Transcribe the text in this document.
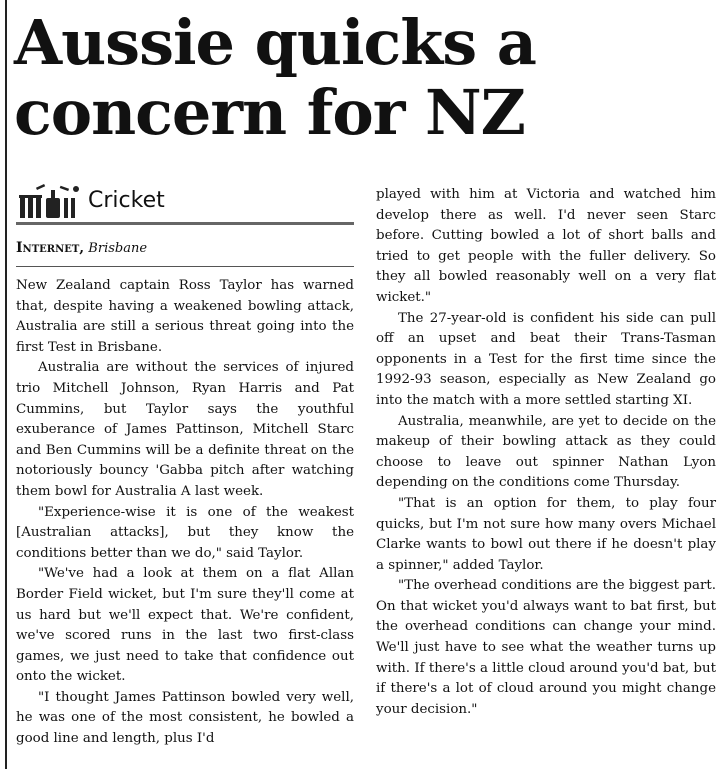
Aussie quicks a concern for NZ
Cricket
Internet, Brisbane

New Zealand captain Ross Taylor has warned that, despite having a weakened bowling attack, Australia are still a serious threat going into the first Test in Brisbane.

Australia are without the services of injured trio Mitchell Johnson, Ryan Harris and Pat Cummins, but Taylor says the youthful exuberance of James Pattinson, Mitchell Starc and Ben Cummins will be a definite threat on the notoriously bouncy 'Gabba pitch after watching them bowl for Australia A last week.

"Experience-wise it is one of the weakest [Australian attacks], but they know the conditions better than we do," said Taylor.

"We've had a look at them on a flat Allan Border Field wicket, but I'm sure they'll come at us hard but we'll expect that. We're confident, we've scored runs in the last two first-class games, we just need to take that confidence out onto the wicket.

"I thought James Pattinson bowled very well, he was one of the most consistent, he bowled a good line and length, plus I'd

played with him at Victoria and watched him develop there as well. I'd never seen Starc before. Cutting bowled a lot of short balls and tried to get people with the fuller delivery. So they all bowled reasonably well on a very flat wicket."

The 27-year-old is confident his side can pull off an upset and beat their Trans-Tasman opponents in a Test for the first time since the 1992-93 season, especially as New Zealand go into the match with a more settled starting XI.

Australia, meanwhile, are yet to decide on the makeup of their bowling attack as they could choose to leave out spinner Nathan Lyon depending on the conditions come Thursday.

"That is an option for them, to play four quicks, but I'm not sure how many overs Michael Clarke wants to bowl out there if he doesn't play a spinner," added Taylor.

"The overhead conditions are the biggest part. On that wicket you'd always want to bat first, but the overhead conditions can change your mind. We'll just have to see what the weather turns up with. If there's a little cloud around you'd bat, but if there's a lot of cloud around you might change your decision."
